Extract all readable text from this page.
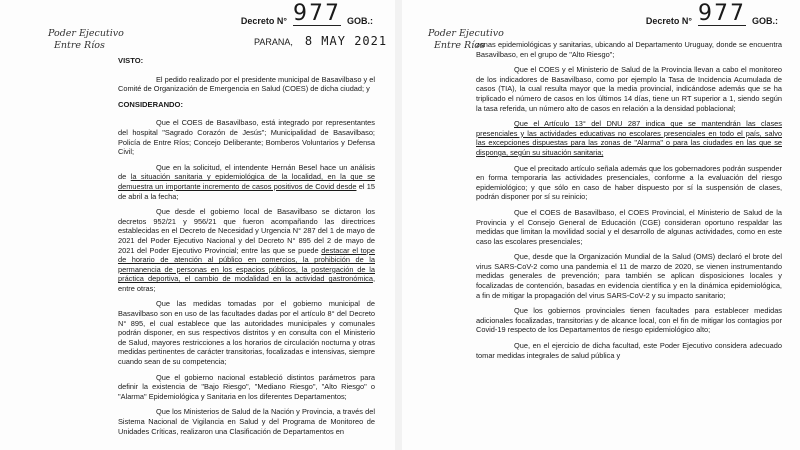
Decreto N° 977 GOB.:
Poder Ejecutivo
Entre Ríos	PARANA, 8 MAY 2021
VISTO:

El pedido realizado por el presidente municipal de Basavilbaso y el Comité de Organización de Emergencia en Salud (COES) de dicha ciudad; y

CONSIDERANDO:

Que el COES de Basavilbaso, está integrado por representantes del hospital "Sagrado Corazón de Jesús"; Municipalidad de Basavilbaso; Policía de Entre Ríos; Concejo Deliberante; Bomberos Voluntarios y Defensa Civil;

Que en la solicitud, el intendente Hernán Besel hace un análisis de la situación sanitaria y epidemiológica de la localidad, en la que se demuestra un importante incremento de casos positivos de Covid desde el 15 de abril a la fecha;

Que desde el gobierno local de Basavilbaso se dictaron los decretos 952/21 y 956/21 que fueron acompañando las directrices establecidas en el Decreto de Necesidad y Urgencia N° 287 del 1 de mayo de 2021 del Poder Ejecutivo Nacional y del Decreto N° 895 del 2 de mayo de 2021 del Poder Ejecutivo Provincial; entre las que se puede destacar el tope de horario de atención al público en comercios, la prohibición de la permanencia de personas en los espacios públicos, la postergación de la práctica deportiva, el cambio de modalidad en la actividad gastronómica, entre otras;

Que las medidas tomadas por el gobierno municipal de Basavilbaso son en uso de las facultades dadas por el artículo 8° del Decreto N° 895, el cual establece que las autoridades municipales y comunales podrán disponer, en sus respectivos distritos y en consulta con el Ministerio de Salud, mayores restricciones a los horarios de circulación nocturna y otras medidas pertinentes de carácter transitorias, focalizadas e intensivas, siempre cuando sean de su competencia;

Que el gobierno nacional estableció distintos parámetros para definir la existencia de "Bajo Riesgo", "Mediano Riesgo", "Alto Riesgo" o "Alarma" Epidemiológica y Sanitaria en los diferentes Departamentos;

Que los Ministerios de Salud de la Nación y Provincia, a través del Sistema Nacional de Vigilancia en Salud y del Programa de Monitoreo de Unidades Críticas, realizaron una Clasificación de Departamentos en

Decreto N° 977 GOB.:
Poder Ejecutivo
Entre Ríos

zonas epidemiológicas y sanitarias, ubicando al Departamento Uruguay, donde se encuentra Basavilbaso, en el grupo de "Alto Riesgo";

Que el COES y el Ministerio de Salud de la Provincia llevan a cabo el monitoreo de los indicadores de Basavilbaso, como por ejemplo la Tasa de Incidencia Acumulada de casos (TIA), la cual resulta mayor que la media provincial, indicándose además que se ha triplicado el número de casos en los últimos 14 días, tiene un RT superior a 1, siendo según la tasa referida, un número alto de casos en relación a la densidad poblacional;

Que el Artículo 13° del DNU 287 indica que se mantendrán las clases presenciales y las actividades educativas no escolares presenciales en todo el país, salvo las excepciones dispuestas para las zonas de "Alarma" o para las ciudades en las que se disponga, según su situación sanitaria;

Que el precitado artículo señala además que los gobernadores podrán suspender en forma temporaria las actividades presenciales, conforme a la evaluación del riesgo epidemiológico; y que sólo en caso de haber dispuesto por sí la suspensión de clases, podrán disponer por sí su reinicio;

Que el COES de Basavilbaso, el COES Provincial, el Ministerio de Salud de la Provincia y el Consejo General de Educación (CGE) consideran oportuno respaldar las medidas que limitan la movilidad social y el desarrollo de algunas actividades, como en este caso las escolares presenciales;

Que, desde que la Organización Mundial de la Salud (OMS) declaró el brote del virus SARS-CoV-2 como una pandemia el 11 de marzo de 2020, se vienen instrumentando medidas generales de prevención; para también se aplican disposiciones locales y focalizadas de contención, basadas en evidencia científica y en la dinámica epidemiológica, a fin de mitigar la propagación del virus SARS-CoV-2 y su impacto sanitario;

Que los gobiernos provinciales tienen facultades para establecer medidas adicionales focalizadas, transitorias y de alcance local, con el fin de mitigar los contagios por Covid-19 respecto de los Departamentos de riesgo epidemiológico alto;

Que, en el ejercicio de dicha facultad, este Poder Ejecutivo considera adecuado tomar medidas integrales de salud pública y
